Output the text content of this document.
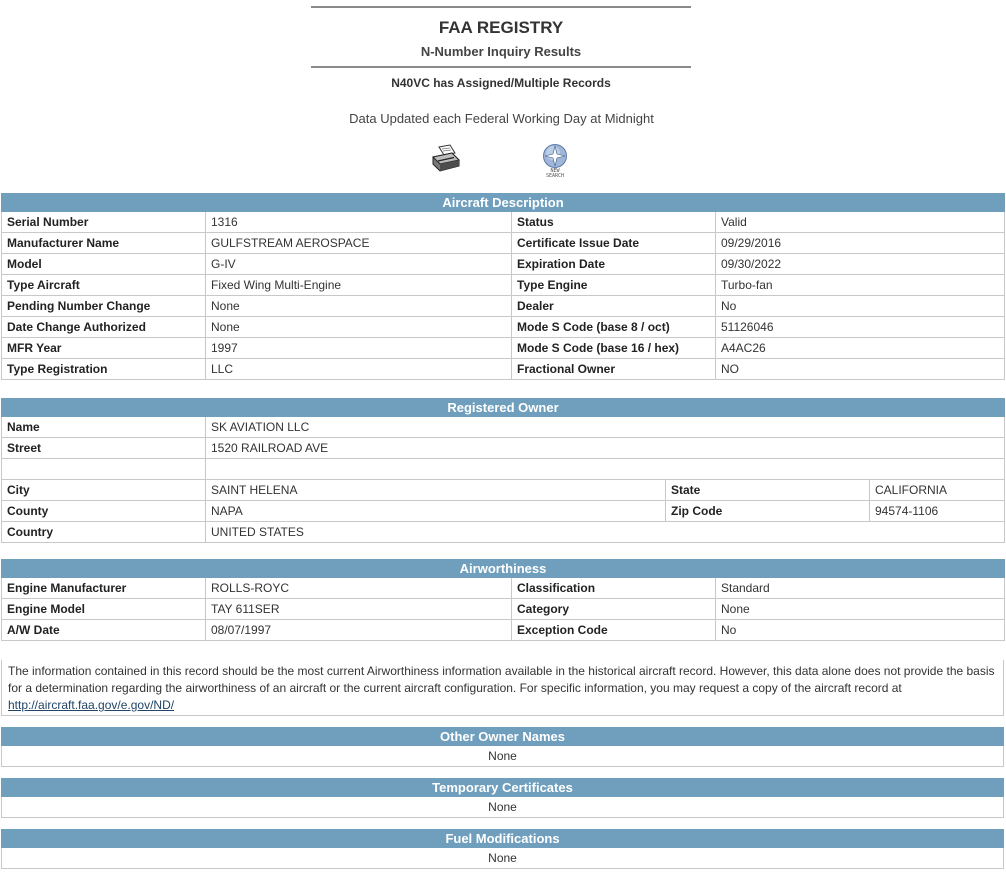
FAA REGISTRY
N-Number Inquiry Results
N40VC has Assigned/Multiple Records
Data Updated each Federal Working Day at Midnight
NEW
SEARCH
Aircraft Description			
Serial Number	1316	Status	Valid
Manufacturer Name	GULFSTREAM AEROSPACE	Certificate Issue Date	09/29/2016
Model	G-IV	Expiration Date	09/30/2022
Type Aircraft	Fixed Wing Multi-Engine	Type Engine	Turbo-fan
Pending Number Change	None	Dealer	No
Date Change Authorized	None	Mode S Code (base 8 / oct)	51126046
MFR Year	1997	Mode S Code (base 16 / hex)	A4AC26
Type Registration	LLC	Fractional Owner	NO
Registered Owner			
Name	SK AVIATION LLC		
Street	1520 RAILROAD AVE		

City	SAINT HELENA	State	CALIFORNIA
County	NAPA	Zip Code	94574-1106
Country	UNITED STATES		
Airworthiness			
Engine Manufacturer	ROLLS-ROYC	Classification	Standard
Engine Model	TAY 611SER	Category	None
A/W Date	08/07/1997	Exception Code	No
The information contained in this record should be the most current Airworthiness information available in the historical aircraft record. However, this data alone does not provide the basis for a determination regarding the airworthiness of an aircraft or the current aircraft configuration. For specific information, you may request a copy of the aircraft record at
http://aircraft.faa.gov/e.gov/ND/
Other Owner Names
None
Temporary Certificates
None
Fuel Modifications
None
